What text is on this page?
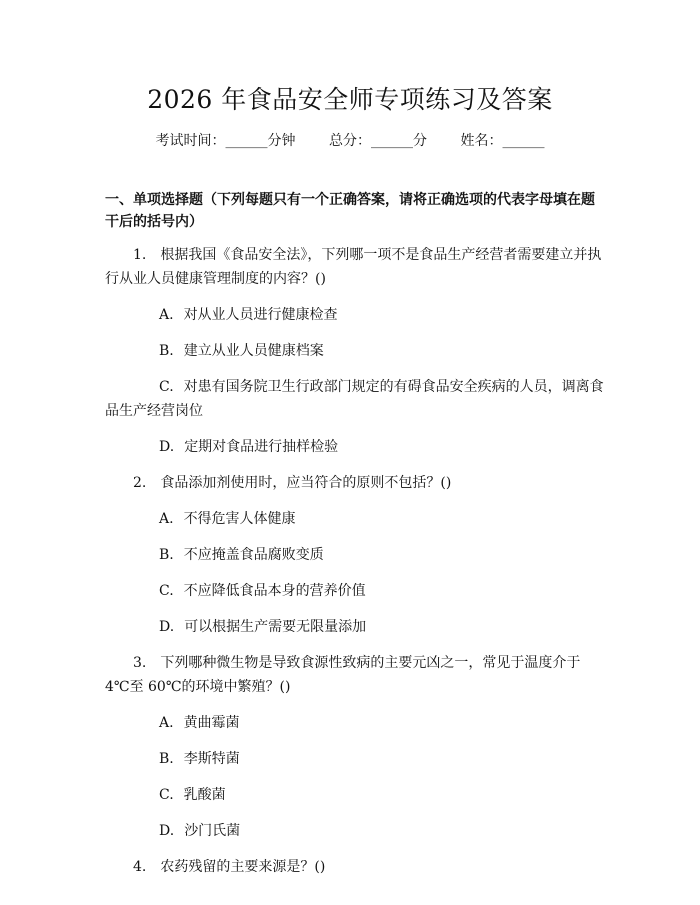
2026 年食品安全师专项练习及答案
考试时间：______分钟 总分：______分 姓名：______
一、单项选择题（下列每题只有一个正确答案，请将正确选项的代表字母填在题干后的括号内）
1. 根据我国《食品安全法》，下列哪一项不是食品生产经营者需要建立并执行从业人员健康管理制度的内容？()
A. 对从业人员进行健康检查
B. 建立从业人员健康档案
C. 对患有国务院卫生行政部门规定的有碍食品安全疾病的人员，调离食品生产经营岗位
D. 定期对食品进行抽样检验
2. 食品添加剂使用时，应当符合的原则不包括？()
A. 不得危害人体健康
B. 不应掩盖食品腐败变质
C. 不应降低食品本身的营养价值
D. 可以根据生产需要无限量添加
3. 下列哪种微生物是导致食源性致病的主要元凶之一，常见于温度介于 4℃至 60℃的环境中繁殖？()
A. 黄曲霉菌
B. 李斯特菌
C. 乳酸菌
D. 沙门氏菌
4. 农药残留的主要来源是？()
